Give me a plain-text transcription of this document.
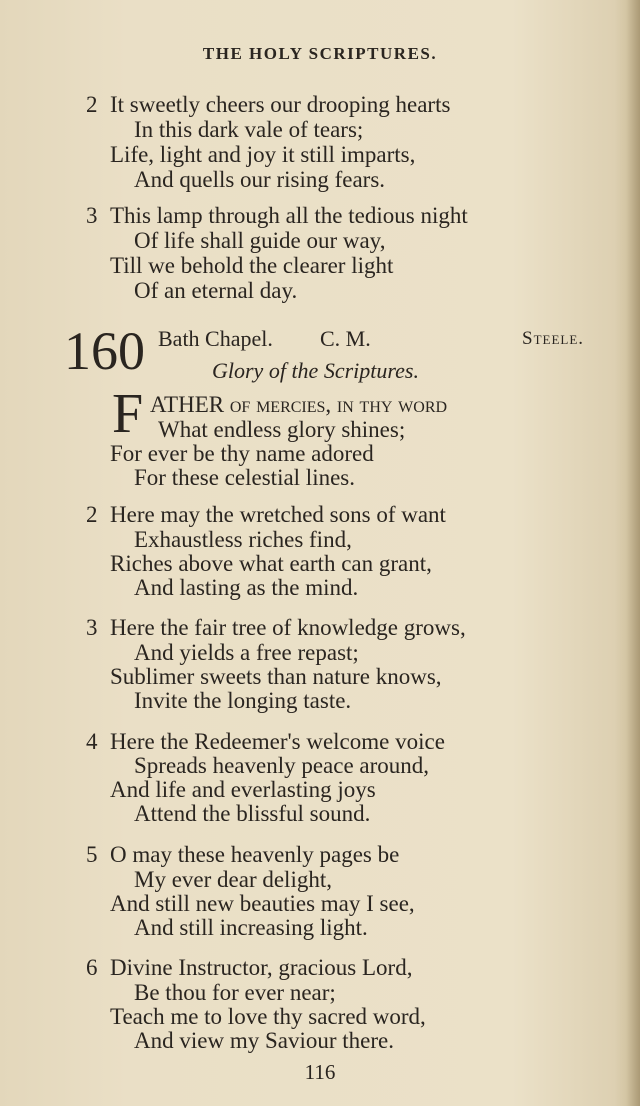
THE HOLY SCRIPTURES.
2 It sweetly cheers our drooping hearts
In this dark vale of tears;
Life, light and joy it still imparts,
And quells our rising fears.
3 This lamp through all the tedious night
Of life shall guide our way,
Till we behold the clearer light
Of an eternal day.
160 Bath Chapel. C. M.	Steele.
Glory of the Scriptures.
F ATHER of mercies, in thy word
What endless glory shines;
For ever be thy name adored
For these celestial lines.
2 Here may the wretched sons of want
Exhaustless riches find,
Riches above what earth can grant,
And lasting as the mind.
3 Here the fair tree of knowledge grows,
And yields a free repast;
Sublimer sweets than nature knows,
Invite the longing taste.
4 Here the Redeemer's welcome voice
Spreads heavenly peace around,
And life and everlasting joys
Attend the blissful sound.
5 O may these heavenly pages be
My ever dear delight,
And still new beauties may I see,
And still increasing light.
6 Divine Instructor, gracious Lord,
Be thou for ever near;
Teach me to love thy sacred word,
And view my Saviour there.
116
